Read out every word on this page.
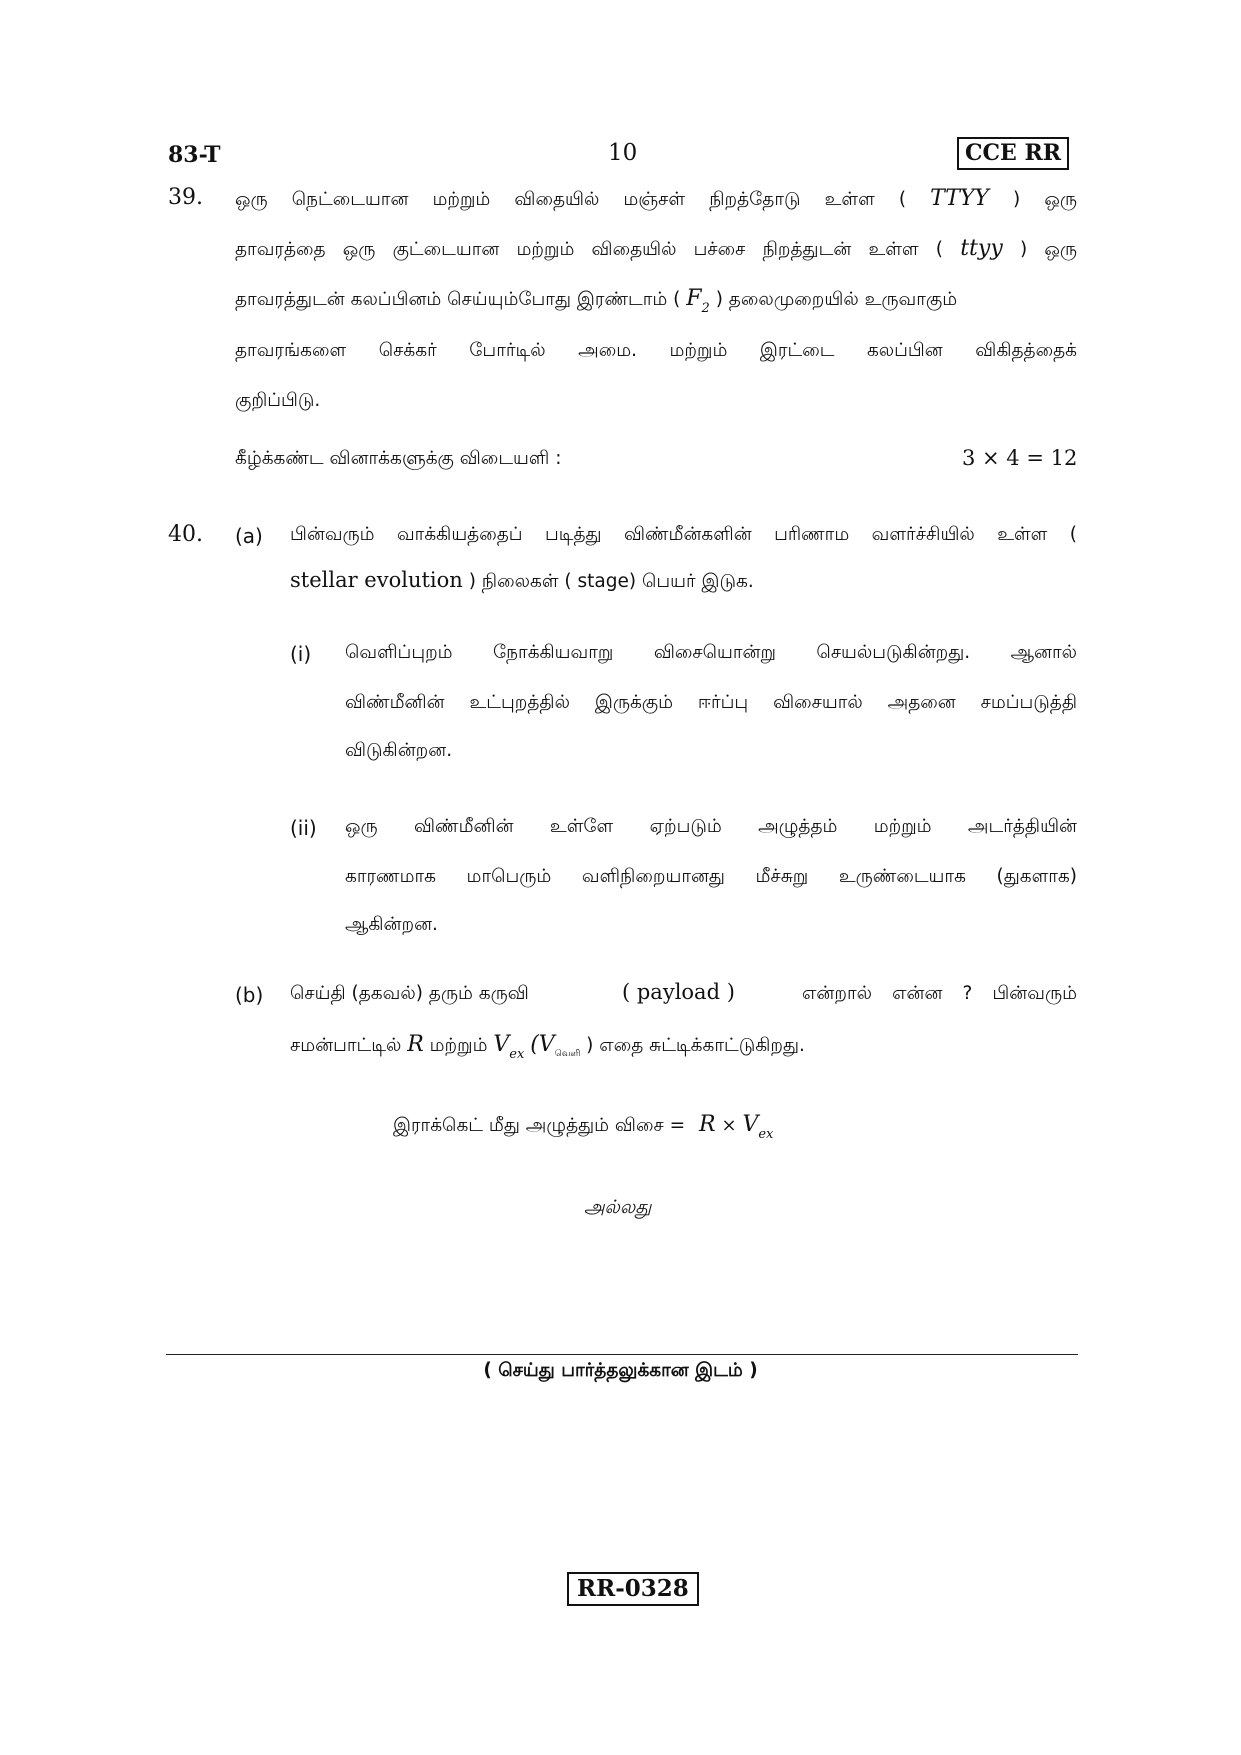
83-T	10	CCE RR
39. ஒரு நெட்டையான மற்றும் விதையில் மஞ்சள் நிறத்தோடு உள்ள ( TTYY ) ஒரு
தாவரத்தை ஒரு குட்டையான மற்றும் விதையில் பச்சை நிறத்துடன் உள்ள ( ttyy ) ஒரு
தாவரத்துடன் கலப்பினம் செய்யும்போது இரண்டாம் ( $F_2$ ) தலைமுறையில் உருவாகும்
தாவரங்களை செக்கர் போர்டில் அமை. மற்றும் இரட்டை கலப்பின விகிதத்தைக்
குறிப்பிடு.
கீழ்க்கண்ட வினாக்களுக்கு விடையளி :	3 × 4 = 12
40. (a) பின்வரும் வாக்கியத்தைப் படித்து விண்மீன்களின் பரிணாம வளர்ச்சியில் உள்ள (
stellar evolution ) நிலைகள் ( stage) பெயர் இடுக.
(i) வெளிப்புறம் நோக்கியவாறு விசையொன்று செயல்படுகின்றது. ஆனால்
விண்மீனின் உட்புறத்தில் இருக்கும் ஈர்ப்பு விசையால் அதனை சமப்படுத்தி
விடுகின்றன.
(ii) ஒரு விண்மீனின் உள்ளே ஏற்படும் அழுத்தம் மற்றும் அடர்த்தியின்
காரணமாக மாபெரும் வளிநிறையானது மீச்சுறு உருண்டையாக (துகளாக)
ஆகின்றன.
(b) செய்தி (தகவல்) தரும் கருவி	( payload )	என்றால் என்ன ? பின்வரும்
சமன்பாட்டில் R மற்றும் $V_{ex}$ ($V_{வெளி}$ ) எதை சுட்டிக்காட்டுகிறது.
இராக்கெட் மீது அழுத்தும் விசை = $R \times V_{ex}$
அல்லது
( செய்து பார்த்தலுக்கான இடம் )
RR-0328
